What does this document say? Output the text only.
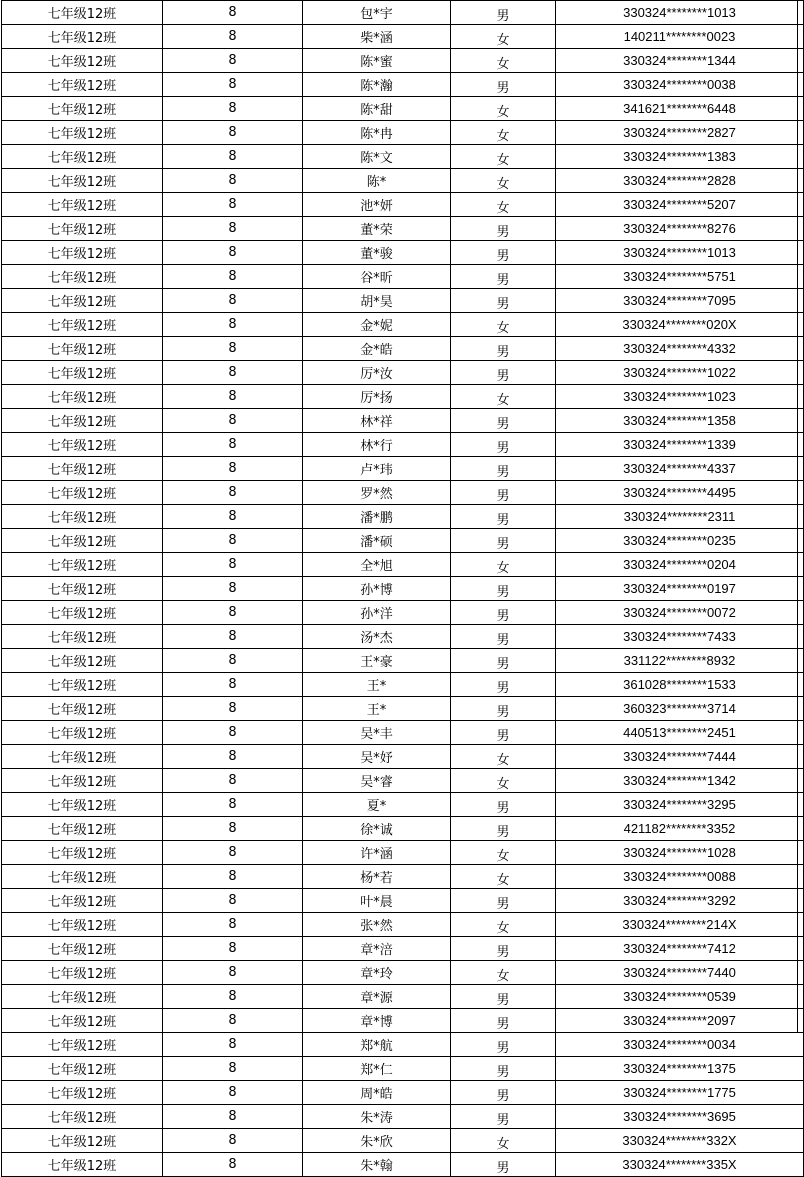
七年级12班	8	包*宇	男	330324********1013
七年级12班	8	柴*涵	女	140211********0023
七年级12班	8	陈*蜜	女	330324********1344
七年级12班	8	陈*瀚	男	330324********0038
七年级12班	8	陈*甜	女	341621********6448
七年级12班	8	陈*冉	女	330324********2827
七年级12班	8	陈*文	女	330324********1383
七年级12班	8	陈*	女	330324********2828
七年级12班	8	池*妍	女	330324********5207
七年级12班	8	董*荣	男	330324********8276
七年级12班	8	董*骏	男	330324********1013
七年级12班	8	谷*昕	男	330324********5751
七年级12班	8	胡*昊	男	330324********7095
七年级12班	8	金*妮	女	330324********020X
七年级12班	8	金*皓	男	330324********4332
七年级12班	8	厉*汝	男	330324********1022
七年级12班	8	厉*扬	女	330324********1023
七年级12班	8	林*祥	男	330324********1358
七年级12班	8	林*行	男	330324********1339
七年级12班	8	卢*玮	男	330324********4337
七年级12班	8	罗*然	男	330324********4495
七年级12班	8	潘*鹏	男	330324********2311
七年级12班	8	潘*硕	男	330324********0235
七年级12班	8	全*旭	女	330324********0204
七年级12班	8	孙*博	男	330324********0197
七年级12班	8	孙*洋	男	330324********0072
七年级12班	8	汤*杰	男	330324********7433
七年级12班	8	王*豪	男	331122********8932
七年级12班	8	王*	男	361028********1533
七年级12班	8	王*	男	360323********3714
七年级12班	8	吴*丰	男	440513********2451
七年级12班	8	吴*妤	女	330324********7444
七年级12班	8	吴*睿	女	330324********1342
七年级12班	8	夏*	男	330324********3295
七年级12班	8	徐*诚	男	421182********3352
七年级12班	8	许*涵	女	330324********1028
七年级12班	8	杨*若	女	330324********0088
七年级12班	8	叶*晨	男	330324********3292
七年级12班	8	张*然	女	330324********214X
七年级12班	8	章*涪	男	330324********7412
七年级12班	8	章*玲	女	330324********7440
七年级12班	8	章*源	男	330324********0539
七年级12班	8	章*博	男	330324********2097
七年级12班	8	郑*航	男	330324********0034
七年级12班	8	郑*仁	男	330324********1375
七年级12班	8	周*皓	男	330324********1775
七年级12班	8	朱*涛	男	330324********3695
七年级12班	8	朱*欣	女	330324********332X
七年级12班	8	朱*翰	男	330324********335X
